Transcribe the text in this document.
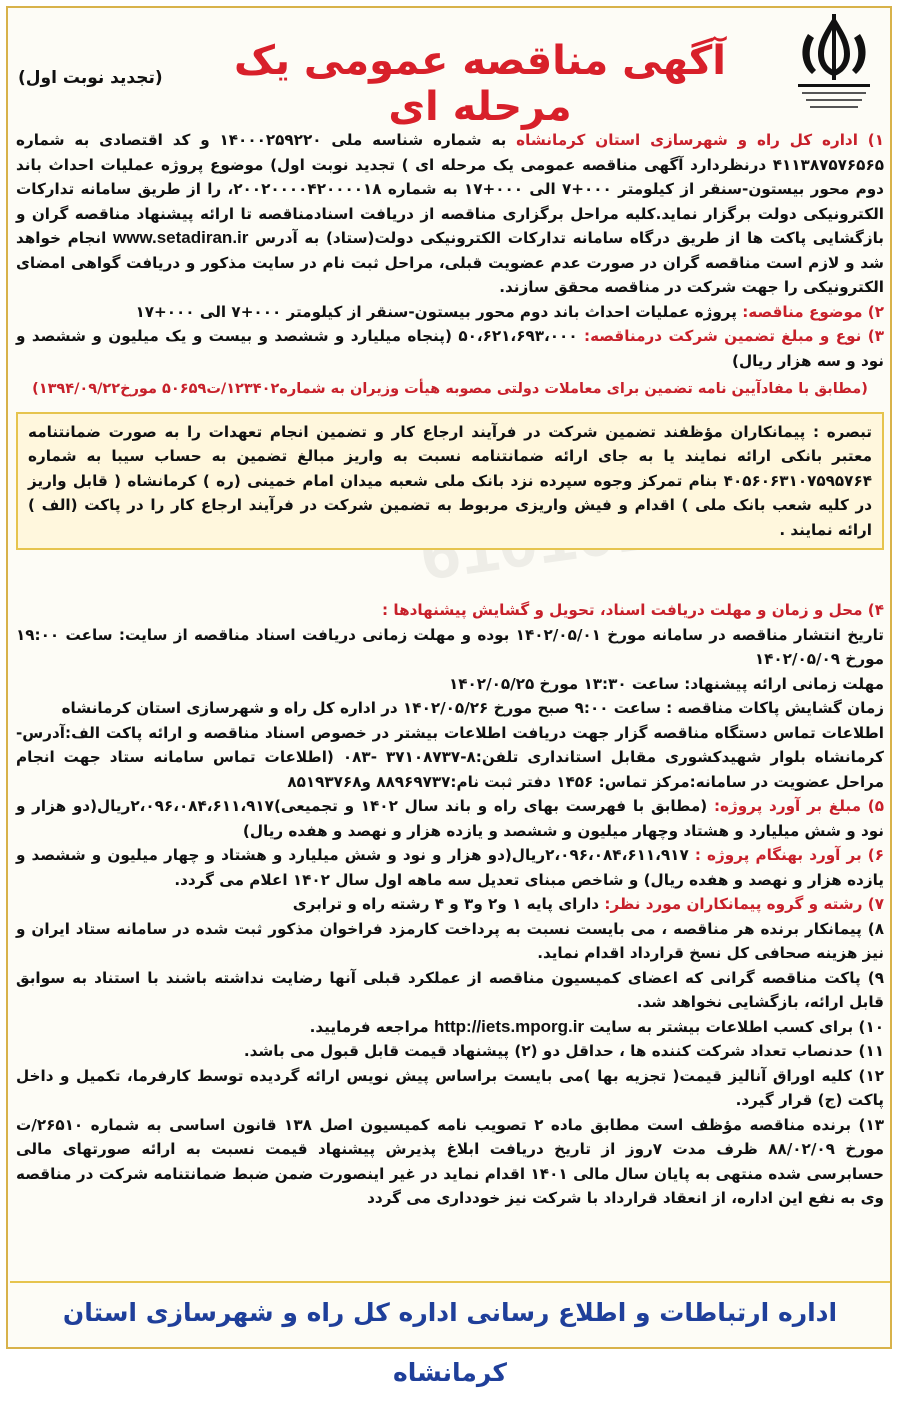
آگهی مناقصه عمومی یک مرحله ای
(تجدید نوبت اول)

۱) اداره کل راه و شهرسازی استان کرمانشاه به شماره شناسه ملی ۱۴۰۰۰۲۵۹۲۲۰ و کد اقتصادی به شماره ۴۱۱۳۸۷۵۷۶۵۶۵ درنظردارد آگهی مناقصه عمومی یک مرحله ای ) تجدید نوبت اول) موضوع پروژه عملیات احداث باند دوم محور بیستون-سنقر از کیلومتر ۰۰۰+۷ الی ۰۰۰+۱۷ به شماره ۲۰۰۲۰۰۰۰۴۲۰۰۰۰۱۸، را از طریق سامانه تدارکات الکترونیکی دولت برگزار نماید.کلیه مراحل برگزاری مناقصه از دریافت اسنادمناقصه تا ارائه پیشنهاد مناقصه گران و بازگشایی پاکت ها از طریق درگاه سامانه تدارکات الکترونیکی دولت(ستاد) به آدرس www.setadiran.ir انجام خواهد شد و لازم است مناقصه گران در صورت عدم عضویت قبلی، مراحل ثبت نام در سایت مذکور و دریافت گواهی امضای الکترونیکی را جهت شرکت در مناقصه محقق سازند.

۲) موضوع مناقصه: پروژه عملیات احداث باند دوم محور بیستون-سنقر از کیلومتر ۰۰۰+۷ الی ۰۰۰+۱۷

۳) نوع و مبلغ تضمین شرکت درمناقصه: ۵۰،۶۲۱،۶۹۳،۰۰۰ (پنجاه میلیارد و ششصد و بیست و یک میلیون و ششصد و نود و سه هزار ریال)

(مطابق با مفادآیین نامه تضمین برای معاملات دولتی مصوبه هیأت وزیران به شماره۱۲۳۴۰۲/ت۵۰۶۵۹ مورخ۱۳۹۴/۰۹/۲۲)

تبصره : پیمانکاران مؤظفند تضمین شرکت در فرآیند ارجاع کار و تضمین انجام تعهدات را به صورت ضمانتنامه معتبر بانکی ارائه نمایند یا به جای ارائه ضمانتنامه نسبت به واریز مبالغ تضمین به حساب سیبا به شماره ۴۰۵۶۰۶۳۱۰۷۵۹۵۷۶۴ بنام تمرکز وجوه سپرده نزد بانک ملی شعبه میدان امام خمینی (ره ) کرمانشاه ( قابل واریز در کلیه شعب بانک ملی ) اقدام و فیش واریزی مربوط به تضمین شرکت در فرآیند ارجاع کار را در پاکت (الف ) ارائه نمایند .

۴) محل و زمان و مهلت دریافت اسناد، تحویل و گشایش پیشنهادها :

تاریخ انتشار مناقصه در سامانه مورخ ۱۴۰۲/۰۵/۰۱ بوده و مهلت زمانی دریافت اسناد مناقصه از سایت: ساعت ۱۹:۰۰ مورخ ۱۴۰۲/۰۵/۰۹

مهلت زمانی ارائه پیشنهاد: ساعت ۱۳:۳۰ مورخ ۱۴۰۲/۰۵/۲۵

زمان گشایش پاکات مناقصه : ساعت ۹:۰۰ صبح مورخ ۱۴۰۲/۰۵/۲۶ در اداره کل راه و شهرسازی استان کرمانشاه

اطلاعات تماس دستگاه مناقصه گزار جهت دریافت اطلاعات بیشتر در خصوص اسناد مناقصه و ارائه پاکت الف:آدرس-کرمانشاه بلوار شهیدکشوری مقابل استانداری تلفن:۸-۳۷۱۰۸۷۳۷ -۰۸۳ (اطلاعات تماس سامانه ستاد جهت انجام مراحل عضویت در سامانه:مرکز تماس: ۱۴۵۶ دفتر ثبت نام:۸۸۹۶۹۷۳۷ و۸۵۱۹۳۷۶۸

۵) مبلغ بر آورد پروژه: (مطابق با فهرست بهای راه و باند سال ۱۴۰۲ و تجمیعی)۲،۰۹۶،۰۸۴،۶۱۱،۹۱۷ریال(دو هزار و نود و شش میلیارد و هشتاد وچهار میلیون و ششصد و یازده هزار و نهصد و هفده ریال)

۶) بر آورد بهنگام پروژه : ۲،۰۹۶،۰۸۴،۶۱۱،۹۱۷ریال(دو هزار و نود و شش میلیارد و هشتاد و چهار میلیون و ششصد و یازده هزار و نهصد و هفده ریال) و شاخص مبنای تعدیل سه ماهه اول سال ۱۴۰۲ اعلام می گردد.

۷) رشته و گروه پیمانکاران مورد نظر: دارای پایه ۱ و۲ و۳ و ۴ رشته راه و ترابری

۸) پیمانکار برنده هر مناقصه ، می بایست نسبت به پرداخت کارمزد فراخوان مذکور ثبت شده در سامانه ستاد ایران و نیز هزینه صحافی کل نسخ قرارداد اقدام نماید.

۹) پاکت مناقصه گرانی که اعضای کمیسیون مناقصه از عملکرد قبلی آنها رضایت نداشته باشند با استناد به سوابق قابل ارائه، بازگشایی نخواهد شد.

۱۰) برای کسب اطلاعات بیشتر به سایت http://iets.mporg.ir مراجعه فرمایید.

۱۱) حدنصاب تعداد شرکت کننده ها ، حداقل دو (۲) پیشنهاد قیمت قابل قبول می باشد.

۱۲) کلیه اوراق آنالیز قیمت( تجزیه بها )می بایست براساس پیش نویس ارائه گردیده توسط کارفرما، تکمیل و داخل پاکت (ج) قرار گیرد.

۱۳) برنده مناقصه مؤظف است مطابق ماده ۲ تصویب نامه کمیسیون اصل ۱۳۸ قانون اساسی به شماره ۲۶۵۱۰/ت مورخ ۸۸/۰۲/۰۹ ظرف مدت ۷روز از تاریخ دریافت ابلاغ پذیرش پیشنهاد قیمت نسبت به ارائه صورتهای مالی حسابرسی شده منتهی به پایان سال مالی ۱۴۰۱ اقدام نماید در غیر اینصورت ضمن ضبط ضمانتنامه شرکت در مناقصه وی به نفع این اداره، از انعقاد قرارداد با شرکت نیز خودداری می گردد

اداره ارتباطات و اطلاع رسانی اداره کل راه و شهرسازی استان کرمانشاه
